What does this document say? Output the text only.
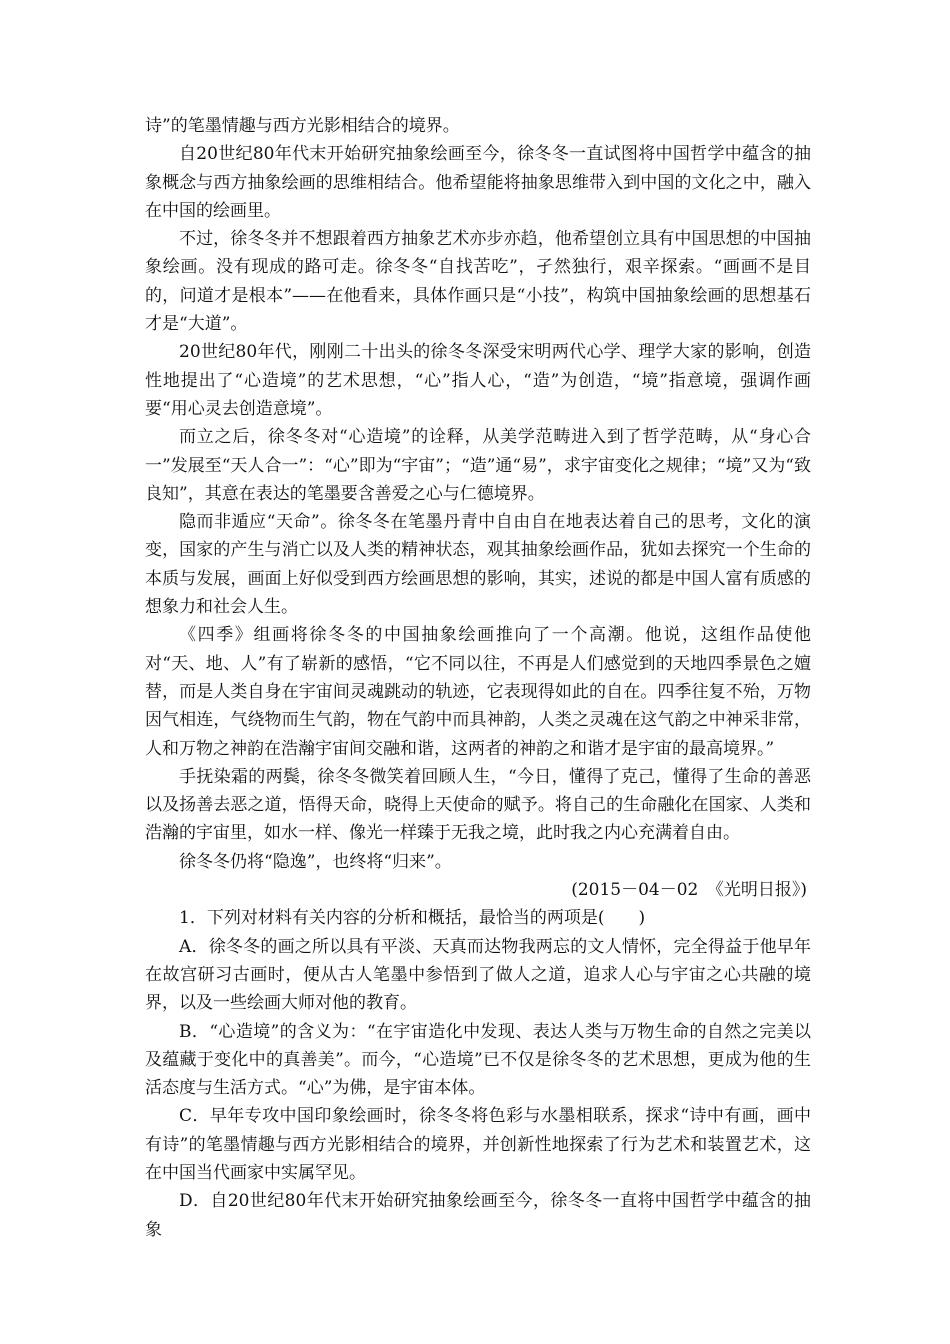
诗”的笔墨情趣与西方光影相结合的境界。

自20世纪80年代末开始研究抽象绘画至今，徐冬冬一直试图将中国哲学中蕴含的抽象概念与西方抽象绘画的思维相结合。他希望能将抽象思维带入到中国的文化之中，融入在中国的绘画里。

不过，徐冬冬并不想跟着西方抽象艺术亦步亦趋，他希望创立具有中国思想的中国抽象绘画。没有现成的路可走。徐冬冬“自找苦吃”，孑然独行，艰辛探索。“画画不是目的，问道才是根本”——在他看来，具体作画只是“小技”，构筑中国抽象绘画的思想基石才是“大道”。

20世纪80年代，刚刚二十出头的徐冬冬深受宋明两代心学、理学大家的影响，创造性地提出了“心造境”的艺术思想，“心”指人心，“造”为创造，“境”指意境，强调作画要“用心灵去创造意境”。

而立之后，徐冬冬对“心造境”的诠释，从美学范畴进入到了哲学范畴，从“身心合一”发展至“天人合一”：“心”即为“宇宙”；“造”通“易”，求宇宙变化之规律；“境”又为“致良知”，其意在表达的笔墨要含善爱之心与仁德境界。

隐而非遁应“天命”。徐冬冬在笔墨丹青中自由自在地表达着自己的思考，文化的演变，国家的产生与消亡以及人类的精神状态，观其抽象绘画作品，犹如去探究一个生命的本质与发展，画面上好似受到西方绘画思想的影响，其实，述说的都是中国人富有质感的想象力和社会人生。

《四季》组画将徐冬冬的中国抽象绘画推向了一个高潮。他说，这组作品使他对“天、地、人”有了崭新的感悟，“它不同以往，不再是人们感觉到的天地四季景色之嬗替，而是人类自身在宇宙间灵魂跳动的轨迹，它表现得如此的自在。四季往复不殆，万物因气相连，气绕物而生气韵，物在气韵中而具神韵，人类之灵魂在这气韵之中神采非常，人和万物之神韵在浩瀚宇宙间交融和谐，这两者的神韵之和谐才是宇宙的最高境界。”

手抚染霜的两鬓，徐冬冬微笑着回顾人生，“今日，懂得了克己，懂得了生命的善恶以及扬善去恶之道，悟得天命，晓得上天使命的赋予。将自己的生命融化在国家、人类和浩瀚的宇宙里，如水一样、像光一样臻于无我之境，此时我之内心充满着自由。

徐冬冬仍将“隐逸”，也终将“归来”。

(2015－04－02　《光明日报》)

1．下列对材料有关内容的分析和概括，最恰当的两项是(　　)

A．徐冬冬的画之所以具有平淡、天真而达物我两忘的文人情怀，完全得益于他早年在故宫研习古画时，便从古人笔墨中参悟到了做人之道，追求人心与宇宙之心共融的境界，以及一些绘画大师对他的教育。

B．“心造境”的含义为：“在宇宙造化中发现、表达人类与万物生命的自然之完美以及蕴藏于变化中的真善美”。而今，“心造境”已不仅是徐冬冬的艺术思想，更成为他的生活态度与生活方式。“心”为佛，是宇宙本体。

C．早年专攻中国印象绘画时，徐冬冬将色彩与水墨相联系，探求“诗中有画，画中有诗”的笔墨情趣与西方光影相结合的境界，并创新性地探索了行为艺术和装置艺术，这在中国当代画家中实属罕见。

D．自20世纪80年代末开始研究抽象绘画至今，徐冬冬一直将中国哲学中蕴含的抽象
